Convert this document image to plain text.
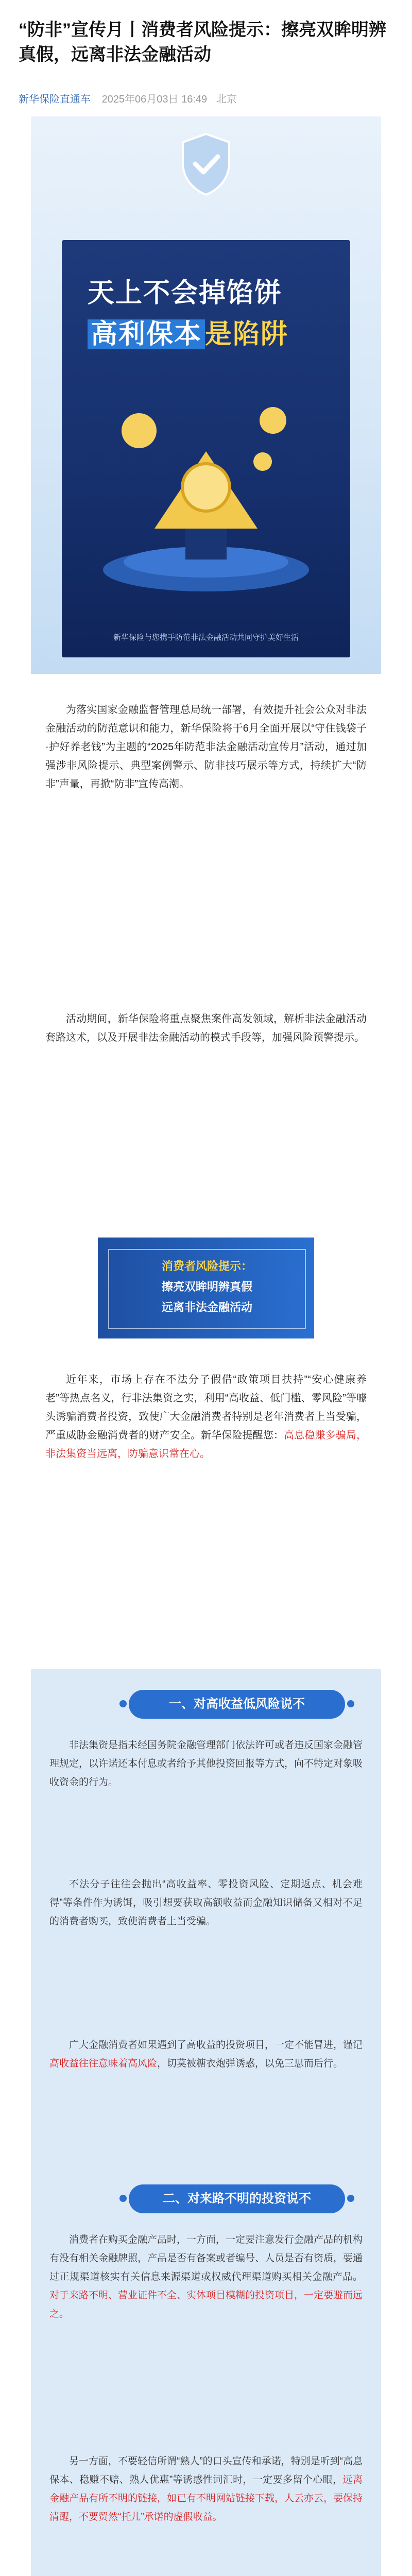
“防非”宣传月丨消费者风险提示：擦亮双眸明辨真假，远离非法金融活动
新华保险直通车 2025年06月03日 16:49 北京
天上不会掉馅饼
高利保本 是陷阱
新华保险与您携手防范非法金融活动共同守护美好生活
为落实国家金融监督管理总局统一部署，有效提升社会公众对非法金融活动的防范意识和能力，新华保险将于6月全面开展以“守住钱袋子·护好养老钱”为主题的“2025年防范非法金融活动宣传月”活动，通过加强涉非风险提示、典型案例警示、防非技巧展示等方式，持续扩大“防非”声量，再掀“防非”宣传高潮。
活动期间，新华保险将重点聚焦案件高发领域，解析非法金融活动套路这术，以及开展非法金融活动的模式手段等，加强风险预警提示。

消费者风险提示：

擦亮双眸明辨真假

远离非法金融活动

近年来，市场上存在不法分子假借“政策项目扶持”“安心健康养老”等热点名义，行非法集资之实，利用“高收益、低门槛、零风险”等噱头诱骗消费者投资，致使广大金融消费者特别是老年消费者上当受骗，严重威胁金融消费者的财产安全。新华保险提醒您：高息稳赚多骗局，非法集资当远离，防骗意识常在心。
一、对高收益低风险说不
非法集资是指未经国务院金融管理部门依法许可或者违反国家金融管理规定，以许诺还本付息或者给予其他投资回报等方式，向不特定对象吸收资金的行为。
不法分子往往会抛出“高收益率、零投资风险、定期返点、机会难得”等条件作为诱饵，吸引想要获取高额收益而金融知识储备又相对不足的消费者购买，致使消费者上当受骗。
广大金融消费者如果遇到了高收益的投资项目，一定不能冒进，谨记高收益往往意味着高风险，切莫被糖衣炮弹诱惑，以免三思而后行。
二、对来路不明的投资说不
消费者在购买金融产品时，一方面，一定要注意发行金融产品的机构有没有相关金融牌照，产品是否有备案或者编号、人员是否有资质，要通过正规渠道核实有关信息来源渠道或权威代理渠道购买相关金融产品。对于来路不明、营业证件不全、实体项目模糊的投资项目，一定要避而远之。
另一方面，不要轻信所谓“熟人”的口头宣传和承诺，特别是听到“高息保本、稳赚不赔、熟人优惠”等诱惑性词汇时，一定要多留个心眼，远离金融产品有所不明的链接，如已有不明网站链接下载，人云亦云，要保持清醒，不要贸然“托儿”承诺的虚假收益。
